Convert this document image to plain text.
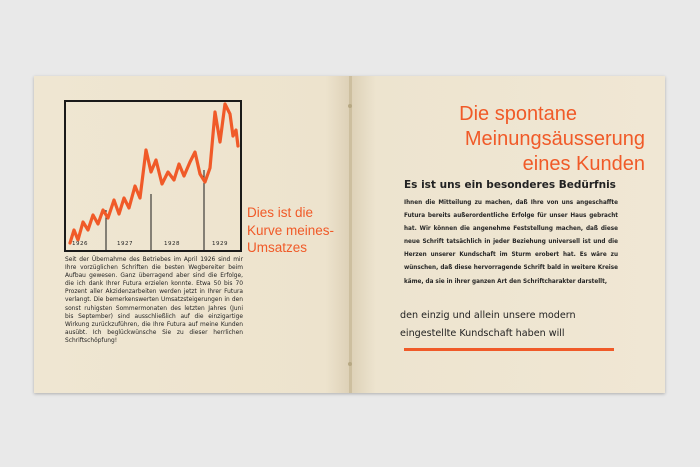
1926	1927	1928	1929
Dies ist die
Kurve meines-
Umsatzes
Seit der Übernahme des Betriebes im April 1926 sind mir Ihre vorzüglichen Schriften die besten Wegbereiter beim Aufbau gewesen. Ganz überragend aber sind die Erfolge, die ich dank Ihrer Futura erzielen konnte. Etwa 50 bis 70 Prozent aller Akzidenzarbeiten werden jetzt in Ihrer Futura verlangt. Die bemerkenswerten Umsatzsteigerungen in den sonst ruhigsten Sommermonaten des letzten Jahres (Juni bis September) sind ausschließlich auf die einzigartige Wirkung zurückzuführen, die Ihre Futura auf meine Kunden ausübt. Ich beglückwünsche Sie zu dieser herrlichen Schriftschöpfung!
Die spontane
Meinungsäusserung
eines Kunden
Es ist uns ein besonderes Bedürfnis
Ihnen die Mitteilung zu machen, daß Ihre von uns angeschaffte Futura bereits außerordentliche Erfolge für unser Haus gebracht hat. Wir können die angenehme Feststellung machen, daß diese neue Schrift tatsächlich in jeder Beziehung universell ist und die Herzen unserer Kundschaft im Sturm erobert hat. Es wäre zu wünschen, daß diese hervorragende Schrift bald in weitere Kreise käme, da sie in ihrer ganzen Art den Schriftcharakter darstellt,
den einzig und allein unsere modern
eingestellte Kundschaft haben will
